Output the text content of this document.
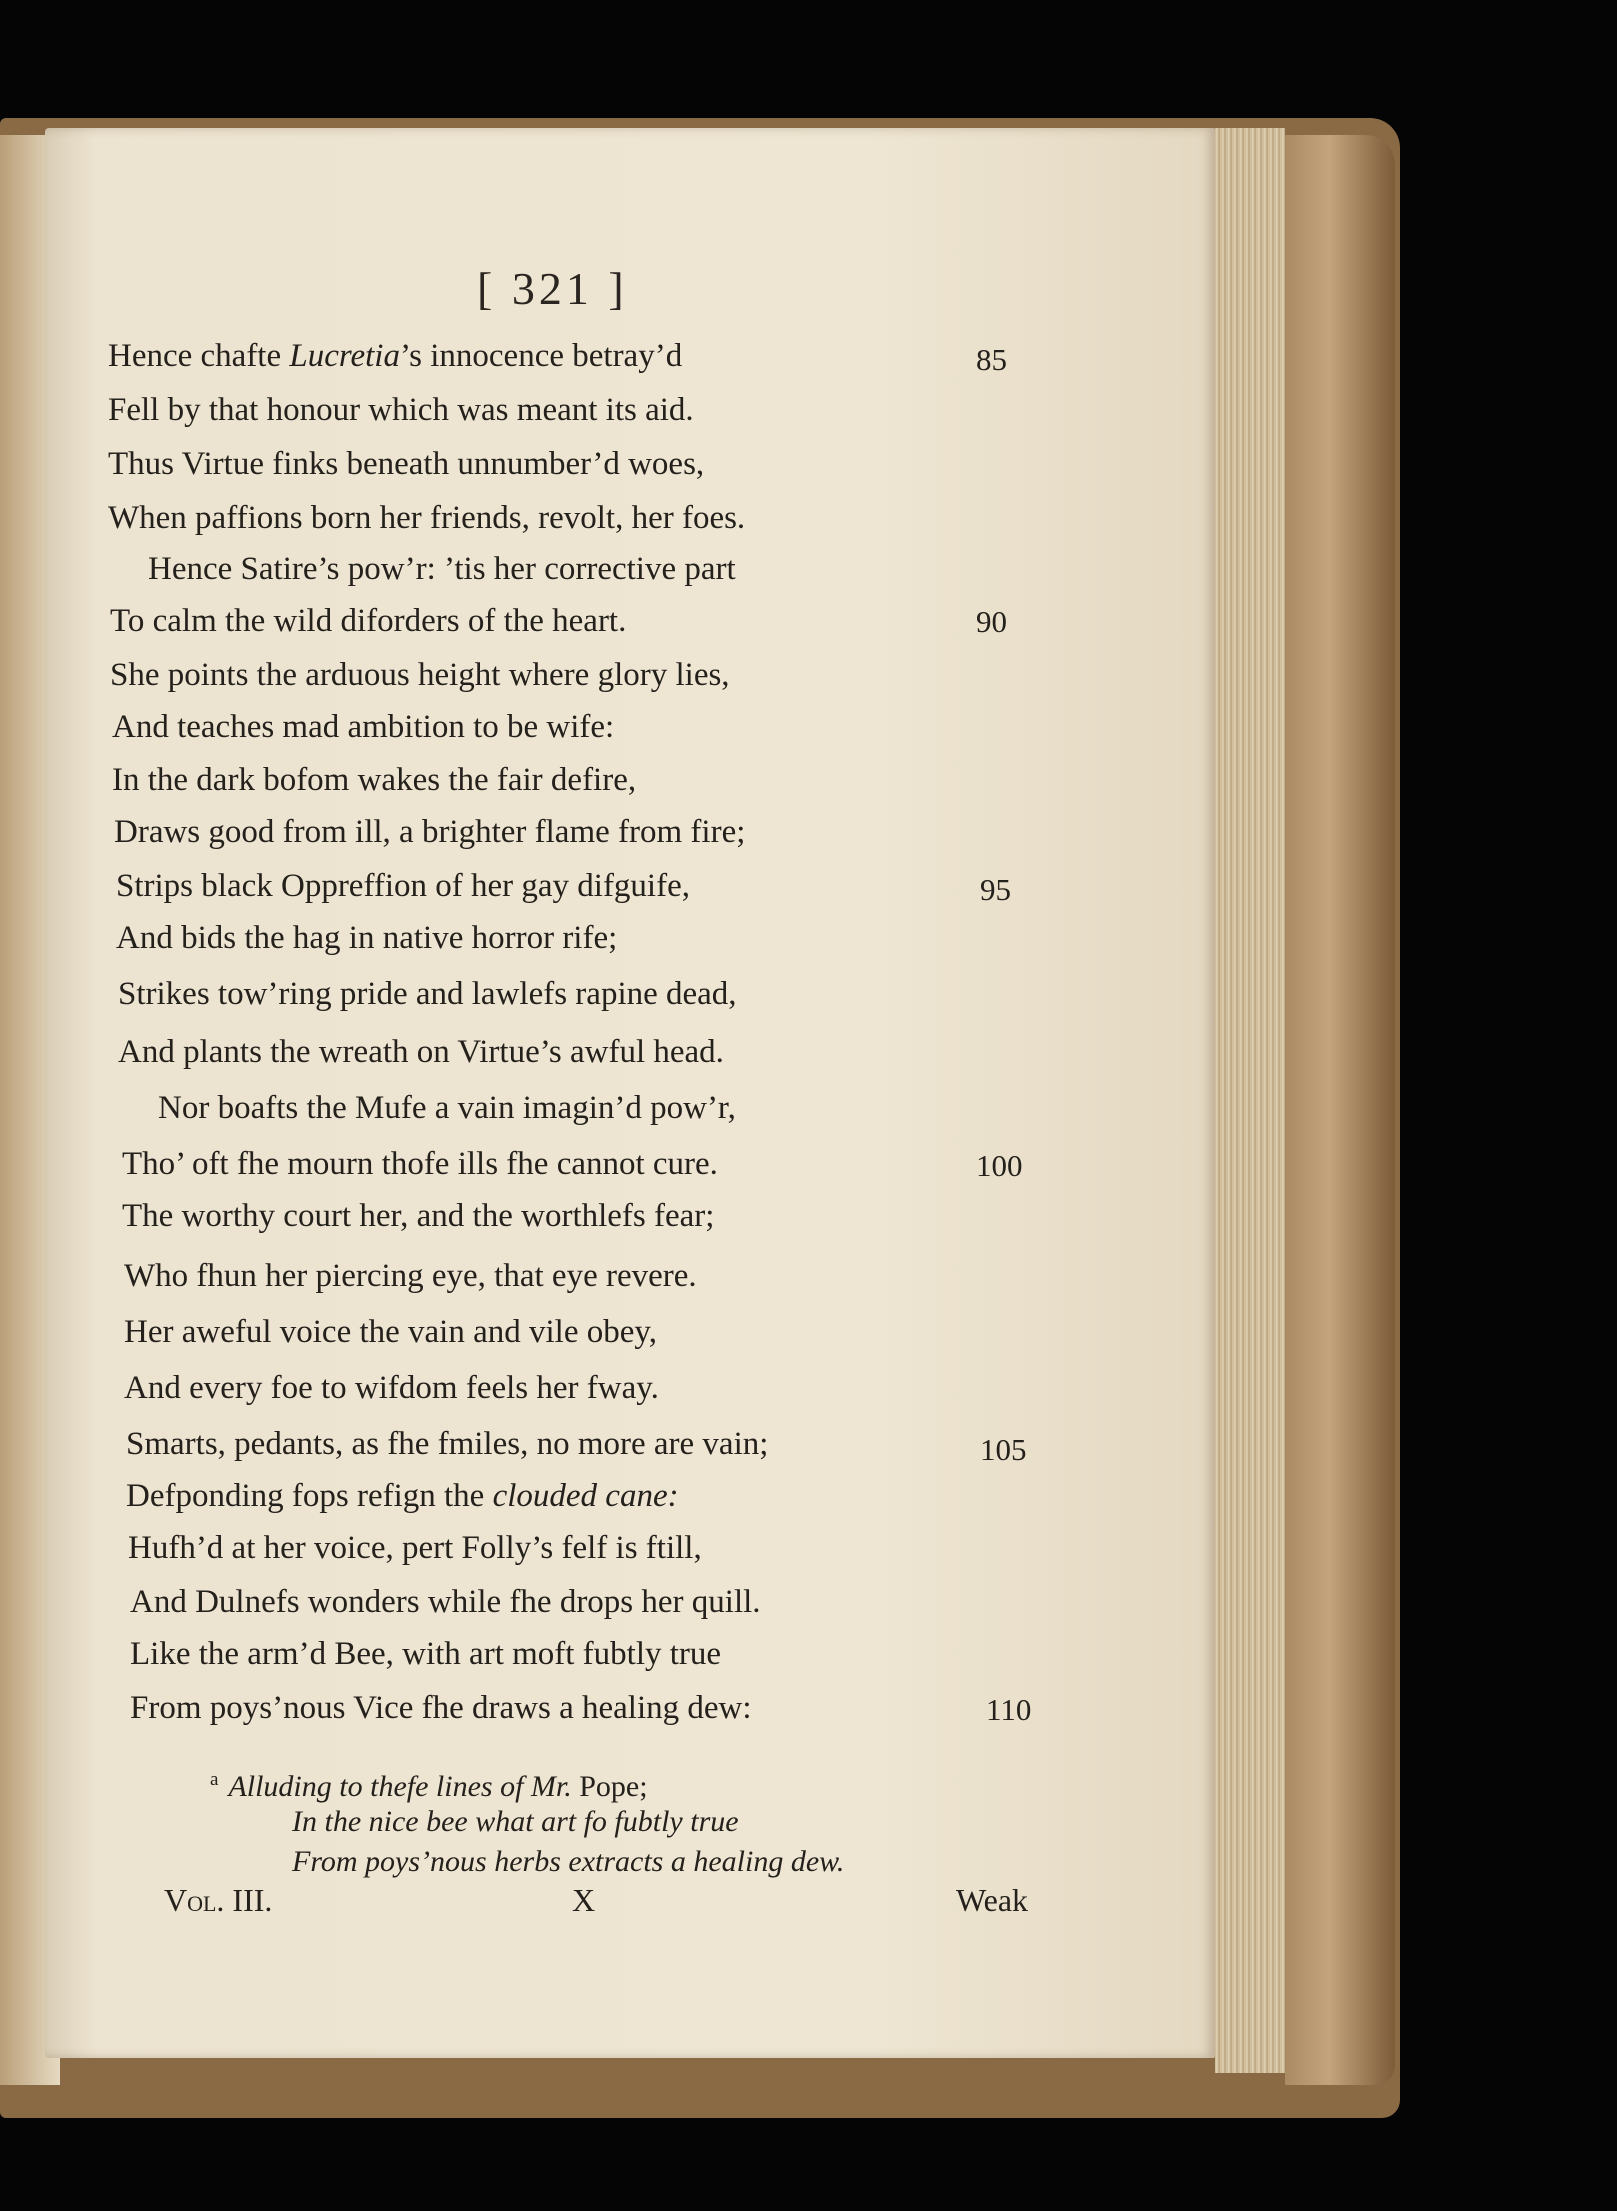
[ 321 ]
Hence chafte Lucretia’s innocence betray’d
Fell by that honour which was meant its aid.
Thus Virtue finks beneath unnumber’d woes,
When paffions born her friends, revolt, her foes.
Hence Satire’s pow’r: ’tis her corrective part
To calm the wild diforders of the heart.
She points the arduous height where glory lies,
And teaches mad ambition to be wife:
In the dark bofom wakes the fair defire,
Draws good from ill, a brighter flame from fire;
Strips black Oppreffion of her gay difguife,
And bids the hag in native horror rife;
Strikes tow’ring pride and lawlefs rapine dead,
And plants the wreath on Virtue’s awful head.
Nor boafts the Mufe a vain imagin’d pow’r,
Tho’ oft fhe mourn thofe ills fhe cannot cure.
The worthy court her, and the worthlefs fear;
Who fhun her piercing eye, that eye revere.
Her aweful voice the vain and vile obey,
And every foe to wifdom feels her fway.
Smarts, pedants, as fhe fmiles, no more are vain;
Defponding fops refign the clouded cane:
Hufh’d at her voice, pert Folly’s felf is ftill,
And Dulnefs wonders while fhe drops her quill.
Like the arm’d Bee, with art moft fubtly true
From poys’nous Vice fhe draws a healing dew:
85
90
95
100
105
110
$^a$ Alluding to thefe lines of Mr. Pope;
In the nice bee what art fo fubtly true
From poys’nous herbs extracts a healing dew.
Vol. III.	X	Weak
